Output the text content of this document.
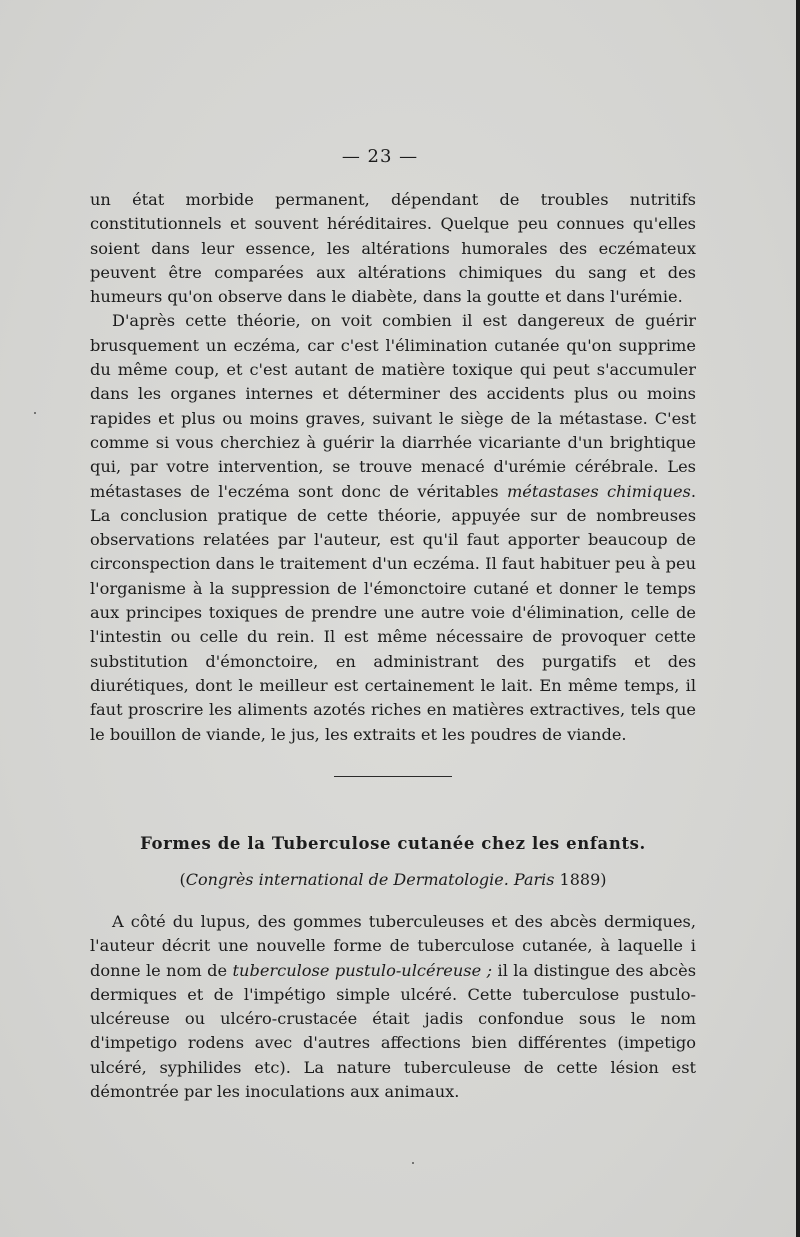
— 23 —

un état morbide permanent, dépendant de troubles nutritifs constitutionnels et souvent héréditaires. Quelque peu connues qu'elles soient dans leur essence, les altérations humorales des eczémateux peuvent être comparées aux altérations chimiques du sang et des humeurs qu'on observe dans le diabète, dans la goutte et dans l'urémie.

D'après cette théorie, on voit combien il est dangereux de guérir brusquement un eczéma, car c'est l'élimination cutanée qu'on supprime du même coup, et c'est autant de matière toxique qui peut s'accumuler dans les organes internes et déterminer des accidents plus ou moins rapides et plus ou moins graves, suivant le siège de la métastase. C'est comme si vous cherchiez à guérir la diarrhée vicariante d'un brightique qui, par votre intervention, se trouve menacé d'urémie cérébrale. Les métastases de l'eczéma sont donc de véritables métastases chimiques. La conclusion pratique de cette théorie, appuyée sur de nombreuses observations relatées par l'auteur, est qu'il faut apporter beaucoup de circonspection dans le traitement d'un eczéma. Il faut habituer peu à peu l'organisme à la suppression de l'émonctoire cutané et donner le temps aux principes toxiques de prendre une autre voie d'élimination, celle de l'intestin ou celle du rein. Il est même nécessaire de provoquer cette substitution d'émonctoire, en administrant des purgatifs et des diurétiques, dont le meilleur est certainement le lait. En même temps, il faut proscrire les aliments azotés riches en matières extractives, tels que le bouillon de viande, le jus, les extraits et les poudres de viande.

Formes de la Tuberculose cutanée chez les enfants.
(Congrès international de Dermatologie. Paris 1889)

A côté du lupus, des gommes tuberculeuses et des abcès dermiques, l'auteur décrit une nouvelle forme de tuberculose cutanée, à laquelle i donne le nom de tuberculose pustulo-ulcéreuse ; il la distingue des abcès dermiques et de l'impétigo simple ulcéré. Cette tuberculose pustulo-ulcéreuse ou ulcéro-crustacée était jadis confondue sous le nom d'impetigo rodens avec d'autres affections bien différentes (impetigo ulcéré, syphilides etc). La nature tuberculeuse de cette lésion est démontrée par les inoculations aux animaux.
